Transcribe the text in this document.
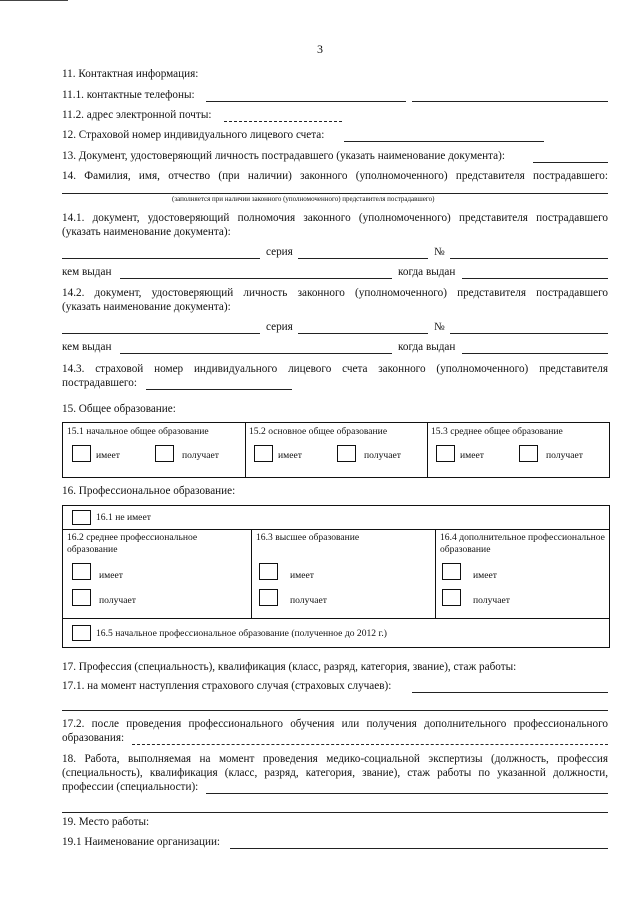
3
11. Контактная информация:
11.1. контактные телефоны:
11.2. адрес электронной почты:
12. Страховой номер индивидуального лицевого счета:
13. Документ, удостоверяющий личность пострадавшего (указать наименование документа):
14. Фамилия, имя, отчество (при наличии) законного (уполномоченного) представителя пострадавшего:
(заполняется при наличии законного (уполномоченного) представителя пострадавшего)
14.1. документ, удостоверяющий полномочия законного (уполномоченного) представителя пострадавшего
(указать наименование документа):
серия	№
кем выдан	когда выдан
14.2. документ, удостоверяющий личность законного (уполномоченного) представителя пострадавшего
(указать наименование документа):
серия	№
кем выдан	когда выдан
14.3. страховой номер индивидуального лицевого счета законного (уполномоченного) представителя
пострадавшего:
15. Общее образование:
15.1 начальное общее образование
имеет	получает
15.2 основное общее образование
имеет	получает
15.3 среднее общее образование
имеет	получает
16. Профессиональное образование:
16.1 не имеет
16.2 среднее профессиональное образование
имеет
получает
16.3 высшее образование
имеет
получает
16.4 дополнительное профессиональное образование
имеет
получает
16.5 начальное профессиональное образование (полученное до 2012 г.)
17. Профессия (специальность), квалификация (класс, разряд, категория, звание), стаж работы:
17.1. на момент наступления страхового случая (страховых случаев):
17.2. после проведения профессионального обучения или получения дополнительного профессионального
образования:
18. Работа, выполняемая на момент проведения медико-социальной экспертизы (должность, профессия
(специальность), квалификация (класс, разряд, категория, звание), стаж работы по указанной должности,
профессии (специальности):
19. Место работы:
19.1 Наименование организации:
